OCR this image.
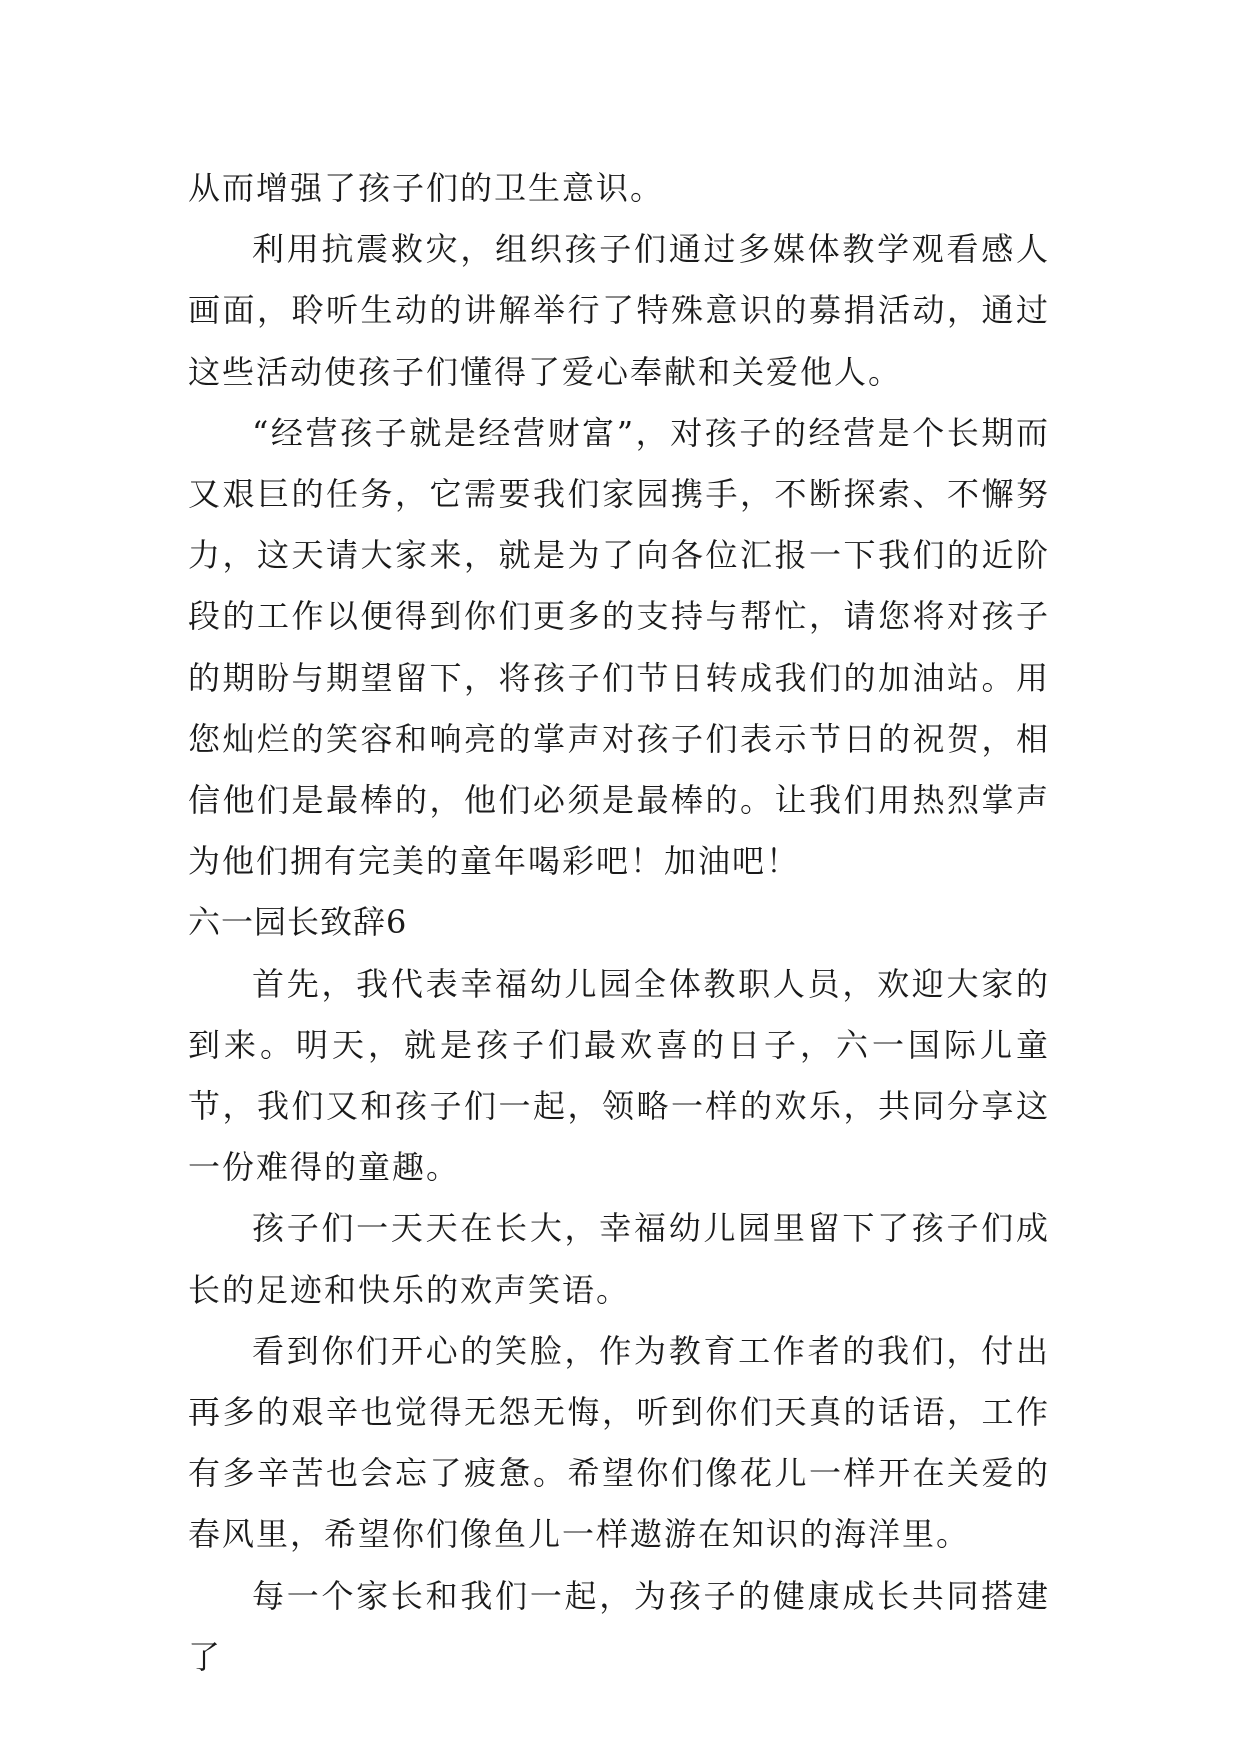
从而增强了孩子们的卫生意识。

利用抗震救灾，组织孩子们通过多媒体教学观看感人画面，聆听生动的讲解举行了特殊意识的募捐活动，通过这些活动使孩子们懂得了爱心奉献和关爱他人。

“经营孩子就是经营财富”，对孩子的经营是个长期而又艰巨的任务，它需要我们家园携手，不断探索、不懈努力，这天请大家来，就是为了向各位汇报一下我们的近阶段的工作以便得到你们更多的支持与帮忙，请您将对孩子的期盼与期望留下，将孩子们节日转成我们的加油站。用您灿烂的笑容和响亮的掌声对孩子们表示节日的祝贺，相信他们是最棒的，他们必须是最棒的。让我们用热烈掌声为他们拥有完美的童年喝彩吧！加油吧！

六一园长致辞6

首先，我代表幸福幼儿园全体教职人员，欢迎大家的到来。明天，就是孩子们最欢喜的日子，六一国际儿童节，我们又和孩子们一起，领略一样的欢乐，共同分享这一份难得的童趣。

孩子们一天天在长大，幸福幼儿园里留下了孩子们成长的足迹和快乐的欢声笑语。

看到你们开心的笑脸，作为教育工作者的我们，付出再多的艰辛也觉得无怨无悔，听到你们天真的话语，工作有多辛苦也会忘了疲惫。希望你们像花儿一样开在关爱的春风里，希望你们像鱼儿一样遨游在知识的海洋里。

每一个家长和我们一起，为孩子的健康成长共同搭建了
